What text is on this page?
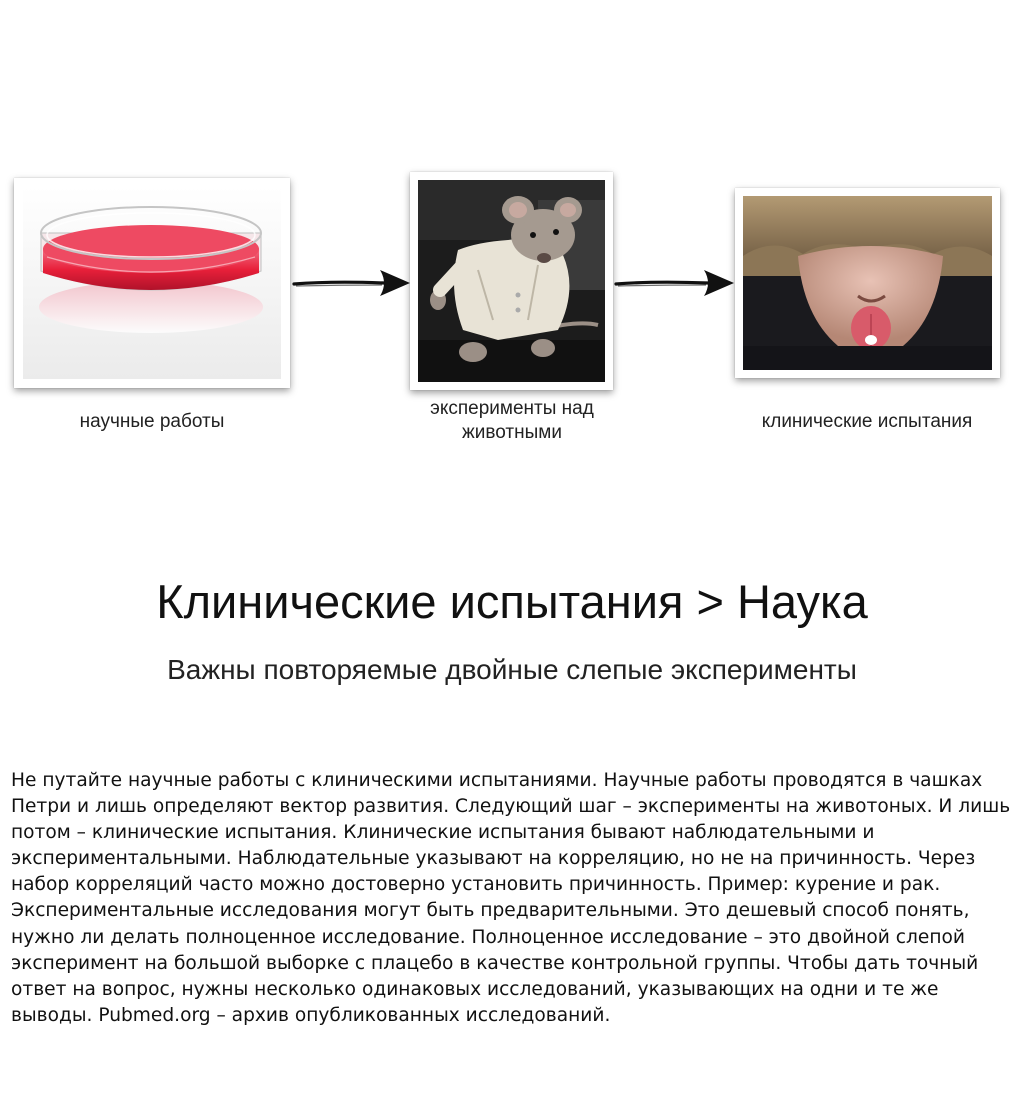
научные работы
эксперименты над животными
клинические испытания
Клинические испытания > Наука
Важны повторяемые двойные слепые эксперименты
Не путайте научные работы с клиническими испытаниями. Научные работы проводятся в чашках Петри и лишь определяют вектор развития. Следующий шаг – эксперименты на животоных. И лишь потом – клинические испытания. Клинические испытания бывают наблюдательными и экспериментальными. Наблюдательные указывают на корреляцию, но не на причинность. Через набор корреляций часто можно достоверно установить причинность. Пример: курение и рак. Экспериментальные исследования могут быть предварительными. Это дешевый способ понять, нужно ли делать полноценное исследование. Полноценное исследование – это двойной слепой эксперимент на большой выборке с плацебо в качестве контрольной группы. Чтобы дать точный ответ на вопрос, нужны несколько одинаковых исследований, указывающих на одни и те же выводы. Pubmed.org – архив опубликованных исследований.
